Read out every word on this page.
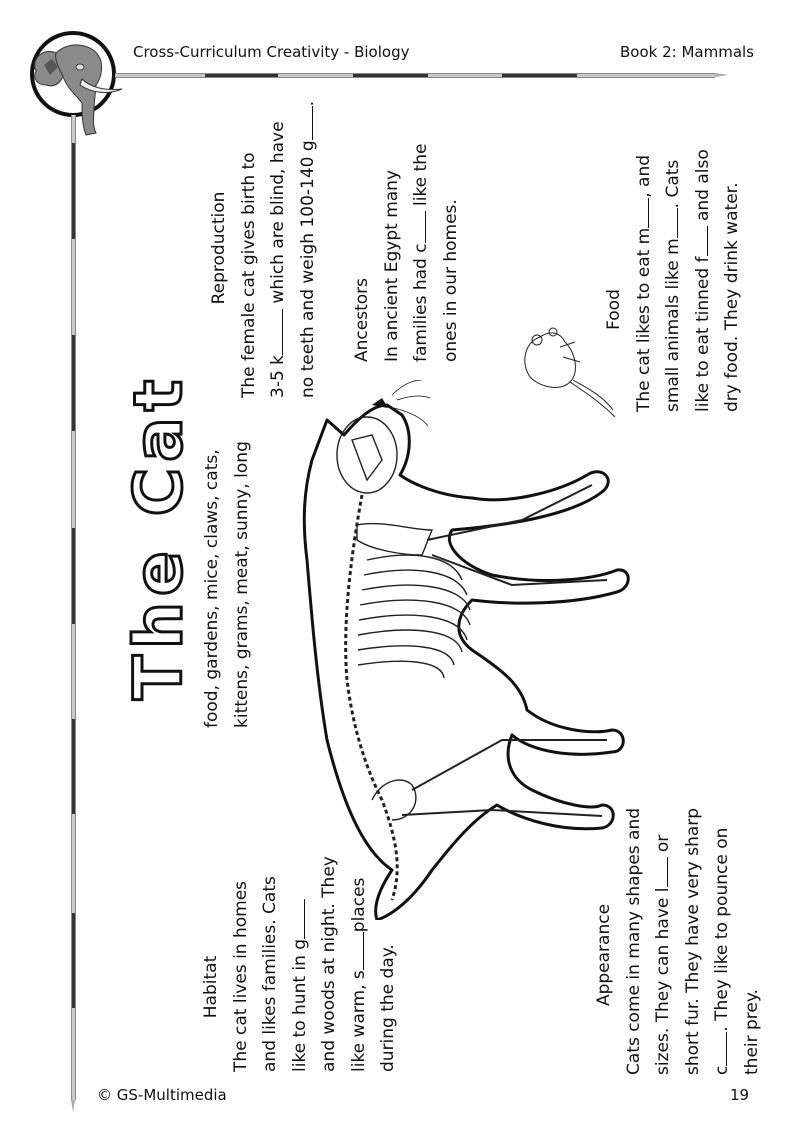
Cross-Curriculum Creativity - Biology	Book 2: Mammals
The Cat food, gardens, mice, claws, cats, kittens, grams, meat, sunny, long
Reproduction The female cat gives birth to 3-5 k which are blind, have no teeth and weigh 100-140 g.
Ancestors In ancient Egypt many families had c like the
ones in our homes.	Food The cat likes to eat m, and
small animals like m. Cats
like to eat tinned f and also dry food. They drink water.
Habitat The cat lives in homes and likes families. Cats like to hunt in g and woods at night. They like warm, splaces
during the day.	Appearance Cats come in many shapes and sizes. They can have l or short fur. They have very sharp c. They like to pounce on
their prey.
© GS-Multimedia	19
